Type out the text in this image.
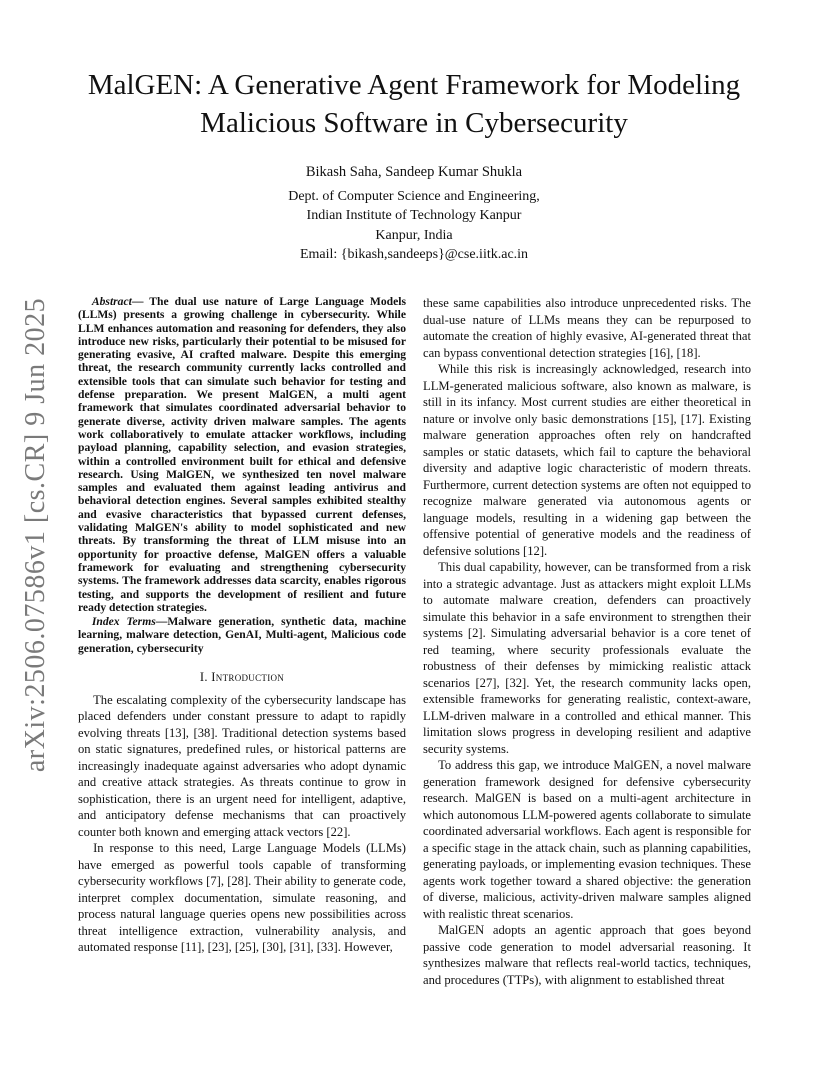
arXiv:2506.07586v1 [cs.CR] 9 Jun 2025
MalGEN: A Generative Agent Framework for Modeling Malicious Software in Cybersecurity
Bikash Saha, Sandeep Kumar Shukla
Dept. of Computer Science and Engineering,
Indian Institute of Technology Kanpur
Kanpur, India
Email: {bikash,sandeeps}@cse.iitk.ac.in

Abstract— The dual use nature of Large Language Models (LLMs) presents a growing challenge in cybersecurity. While LLM enhances automation and reasoning for defenders, they also introduce new risks, particularly their potential to be misused for generating evasive, AI crafted malware. Despite this emerging threat, the research community currently lacks controlled and extensible tools that can simulate such behavior for testing and defense preparation. We present MalGEN, a multi agent framework that simulates coordinated adversarial behavior to generate diverse, activity driven malware samples. The agents work collaboratively to emulate attacker workflows, including payload planning, capability selection, and evasion strategies, within a controlled environment built for ethical and defensive research. Using MalGEN, we synthesized ten novel malware samples and evaluated them against leading antivirus and behavioral detection engines. Several samples exhibited stealthy and evasive characteristics that bypassed current defenses, validating MalGEN's ability to model sophisticated and new threats. By transforming the threat of LLM misuse into an opportunity for proactive defense, MalGEN offers a valuable framework for evaluating and strengthening cybersecurity systems. The framework addresses data scarcity, enables rigorous testing, and supports the development of resilient and future ready detection strategies.

Index Terms—Malware generation, synthetic data, machine learning, malware detection, GenAI, Multi-agent, Malicious code generation, cybersecurity

I. Introduction

The escalating complexity of the cybersecurity landscape has placed defenders under constant pressure to adapt to rapidly evolving threats [13], [38]. Traditional detection systems based on static signatures, predefined rules, or historical patterns are increasingly inadequate against adversaries who adopt dynamic and creative attack strategies. As threats continue to grow in sophistication, there is an urgent need for intelligent, adaptive, and anticipatory defense mechanisms that can proactively counter both known and emerging attack vectors [22].

In response to this need, Large Language Models (LLMs) have emerged as powerful tools capable of transforming cybersecurity workflows [7], [28]. Their ability to generate code, interpret complex documentation, simulate reasoning, and process natural language queries opens new possibilities across threat intelligence extraction, vulnerability analysis, and automated response [11], [23], [25], [30], [31], [33]. However,

these same capabilities also introduce unprecedented risks. The dual-use nature of LLMs means they can be repurposed to automate the creation of highly evasive, AI-generated threat that can bypass conventional detection strategies [16], [18].

While this risk is increasingly acknowledged, research into LLM-generated malicious software, also known as malware, is still in its infancy. Most current studies are either theoretical in nature or involve only basic demonstrations [15], [17]. Existing malware generation approaches often rely on handcrafted samples or static datasets, which fail to capture the behavioral diversity and adaptive logic characteristic of modern threats. Furthermore, current detection systems are often not equipped to recognize malware generated via autonomous agents or language models, resulting in a widening gap between the offensive potential of generative models and the readiness of defensive solutions [12].

This dual capability, however, can be transformed from a risk into a strategic advantage. Just as attackers might exploit LLMs to automate malware creation, defenders can proactively simulate this behavior in a safe environment to strengthen their systems [2]. Simulating adversarial behavior is a core tenet of red teaming, where security professionals evaluate the robustness of their defenses by mimicking realistic attack scenarios [27], [32]. Yet, the research community lacks open, extensible frameworks for generating realistic, context-aware, LLM-driven malware in a controlled and ethical manner. This limitation slows progress in developing resilient and adaptive security systems.

To address this gap, we introduce MalGEN, a novel malware generation framework designed for defensive cybersecurity research. MalGEN is based on a multi-agent architecture in which autonomous LLM-powered agents collaborate to simulate coordinated adversarial workflows. Each agent is responsible for a specific stage in the attack chain, such as planning capabilities, generating payloads, or implementing evasion techniques. These agents work together toward a shared objective: the generation of diverse, malicious, activity-driven malware samples aligned with realistic threat scenarios.

MalGEN adopts an agentic approach that goes beyond passive code generation to model adversarial reasoning. It synthesizes malware that reflects real-world tactics, techniques, and procedures (TTPs), with alignment to established threat
